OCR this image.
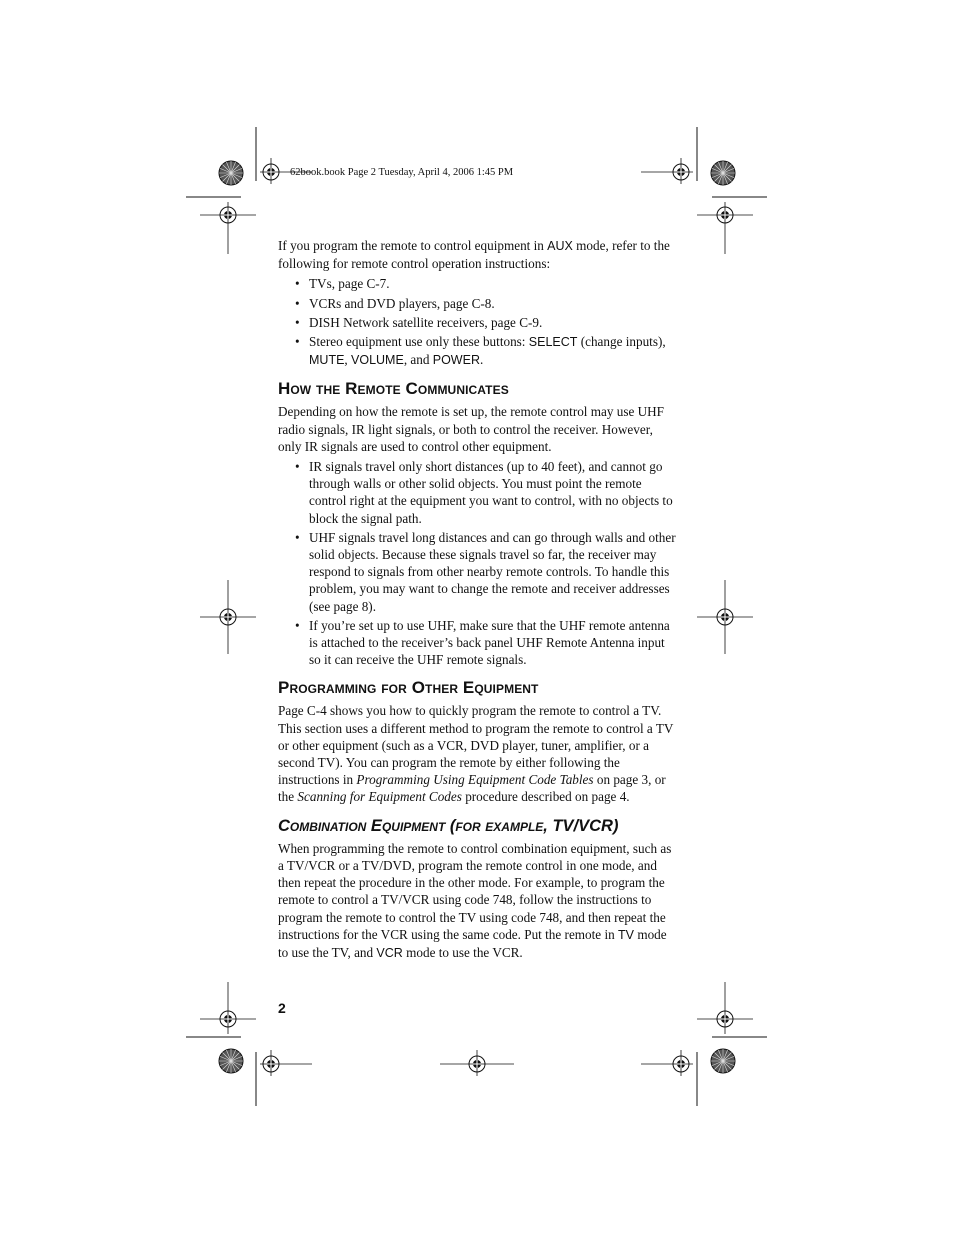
62book.book Page 2 Tuesday, April 4, 2006 1:45 PM

If you program the remote to control equipment in AUX mode, refer to the following for remote control operation instructions:

• TVs, page C-7.
• VCRs and DVD players, page C-8.
• DISH Network satellite receivers, page C-9.
• Stereo equipment use only these buttons: SELECT (change inputs), MUTE, VOLUME, and POWER.
How the Remote Communicates

Depending on how the remote is set up, the remote control may use UHF radio signals, IR light signals, or both to control the receiver. However, only IR signals are used to control other equipment.

• IR signals travel only short distances (up to 40 feet), and cannot go through walls or other solid objects. You must point the remote control right at the equipment you want to control, with no objects to block the signal path.
• UHF signals travel long distances and can go through walls and other solid objects. Because these signals travel so far, the receiver may respond to signals from other nearby remote controls. To handle this problem, you may want to change the remote and receiver addresses (see page 8).
• If you’re set up to use UHF, make sure that the UHF remote antenna is attached to the receiver’s back panel UHF Remote Antenna input so it can receive the UHF remote signals.
Programming for Other Equipment

Page C-4 shows you how to quickly program the remote to control a TV. This section uses a different method to program the remote to control a TV or other equipment (such as a VCR, DVD player, tuner, amplifier, or a second TV). You can program the remote by either following the instructions in Programming Using Equipment Code Tables on page 3, or the Scanning for Equipment Codes procedure described on page 4.

Combination Equipment (for example, TV/VCR)

When programming the remote to control combination equipment, such as a TV/VCR or a TV/DVD, program the remote control in one mode, and then repeat the procedure in the other mode. For example, to program the remote to control a TV/VCR using code 748, follow the instructions to program the remote to control the TV using code 748, and then repeat the instructions for the VCR using the same code. Put the remote in TV mode to use the TV, and VCR mode to use the VCR.

2
